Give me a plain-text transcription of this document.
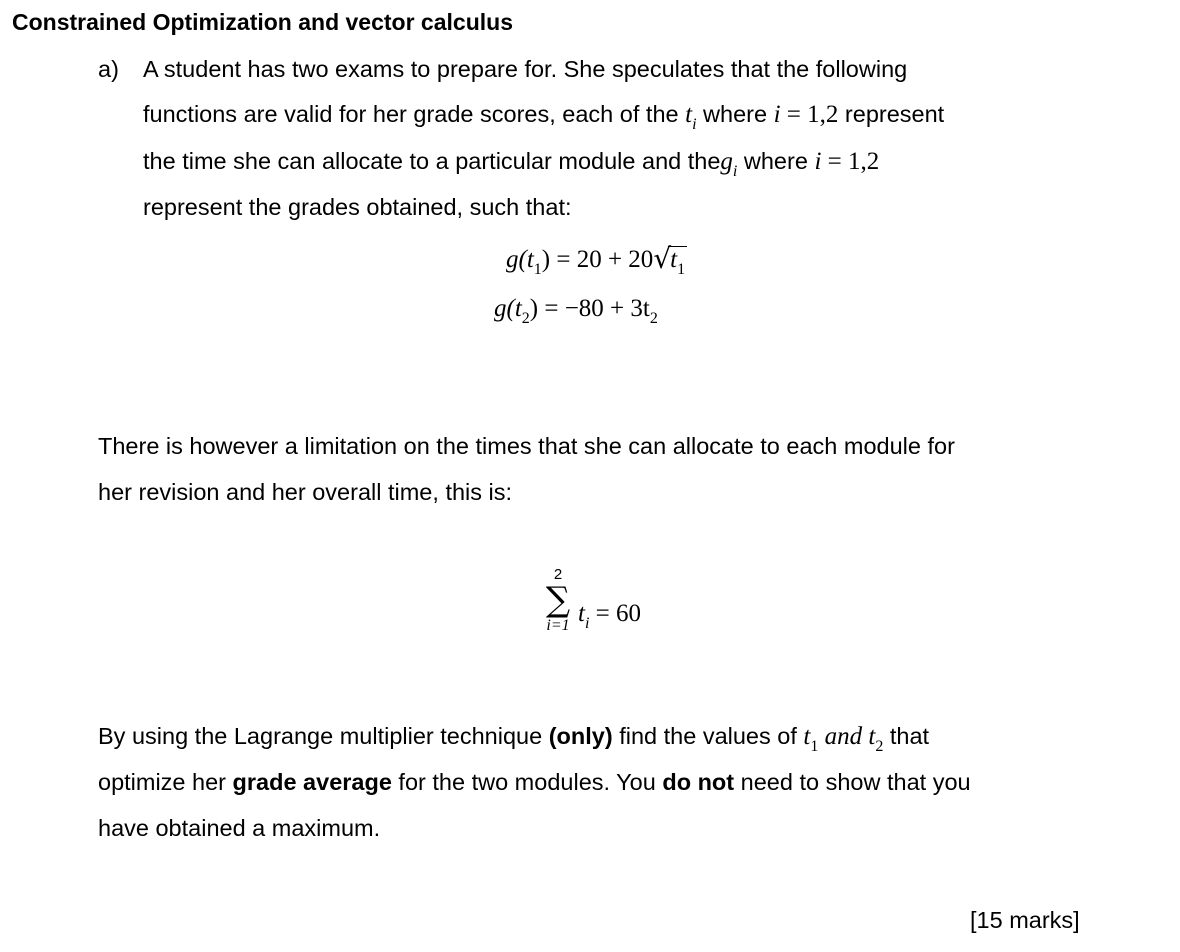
Constrained Optimization and vector calculus
a) A student has two exams to prepare for. She speculates that the following
functions are valid for her grade scores, each of the $t_i$ where i = 1,2 represent
the time she can allocate to a particular module and theg$_i$ where i = 1,2
represent the grades obtained, such that:
$g(t_1) = 20 + 20√t_1$
$g(t_2) = -80 + 3t_2$
There is however a limitation on the times that she can allocate to each module for
her revision and her overall time, this is:
2
∑
i=1 $t_i = 60$
By using the Lagrange multiplier technique (only) find the values of $t_1$ and $t_2$ that
optimize her grade average for the two modules. You do not need to show that you
have obtained a maximum.
[15 marks]
